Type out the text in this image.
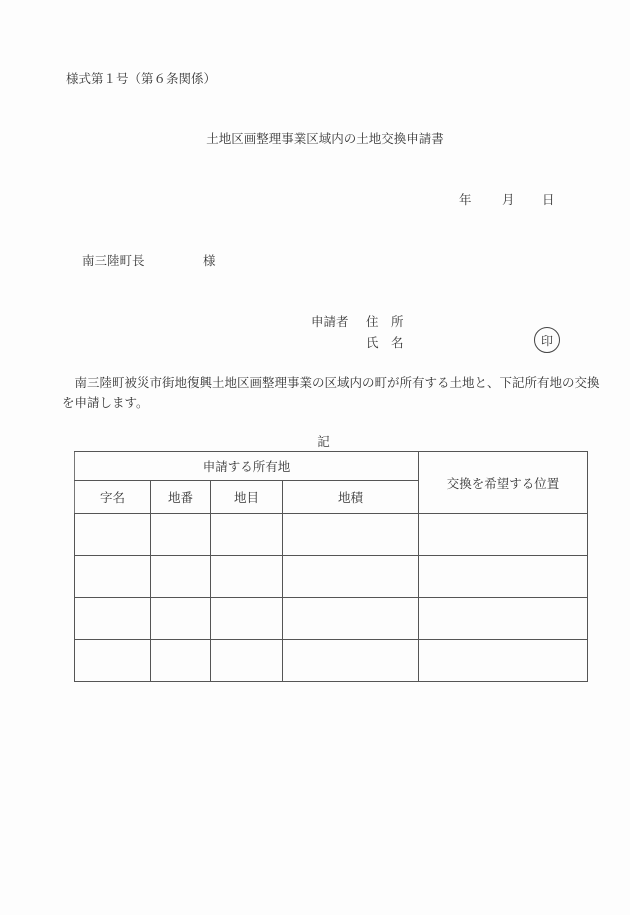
様式第１号（第６条関係）
土地区画整理事業区域内の土地交換申請書
年 月 日
南三陸町長	様
申請者 住　所
氏　名	印
南三陸町被災市街地復興土地区画整理事業の区域内の町が所有する土地と、下記所有地の交換を申請します。
記
申請する所有地				交換を希望する位置
字名	地番	地目	地積	
